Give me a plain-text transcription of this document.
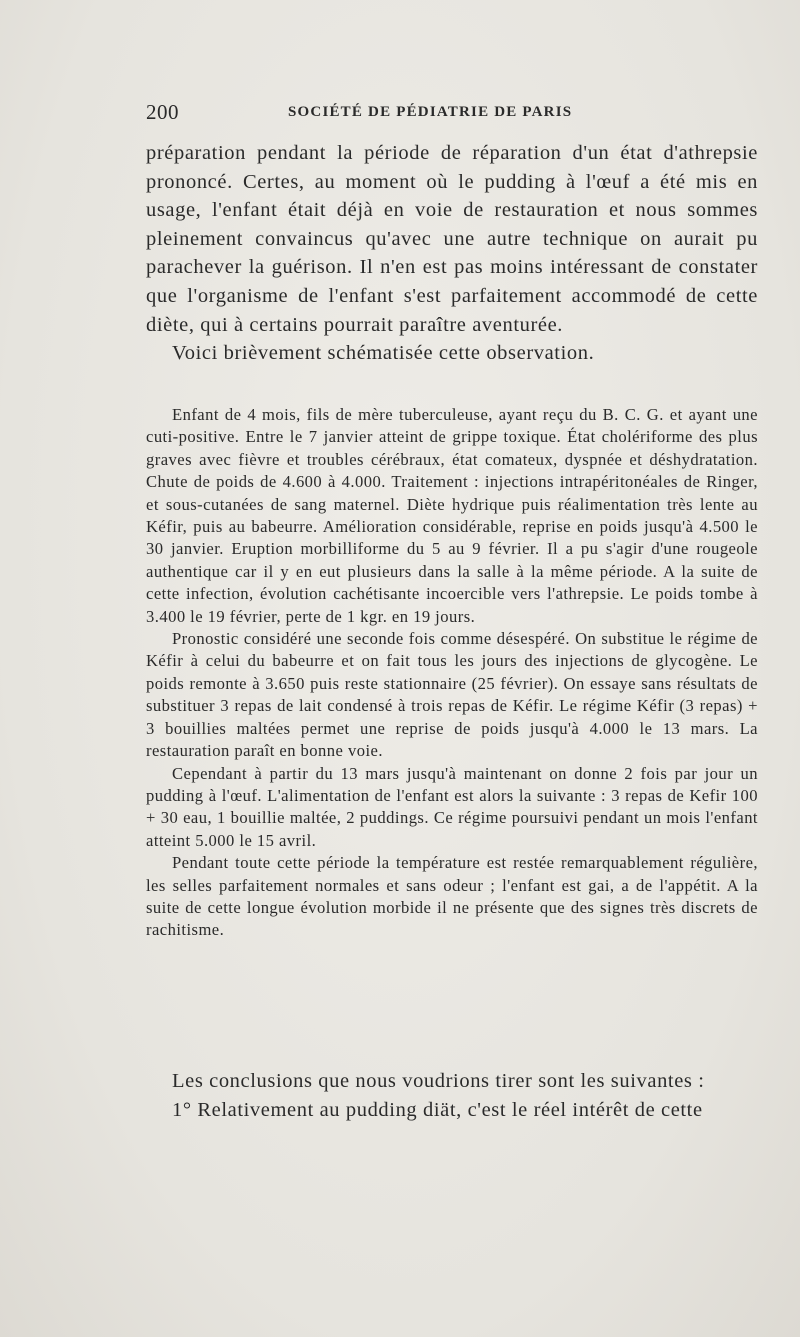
200	SOCIÉTÉ DE PÉDIATRIE DE PARIS

préparation pendant la période de réparation d'un état d'athrepsie prononcé. Certes, au moment où le pudding à l'œuf a été mis en usage, l'enfant était déjà en voie de restauration et nous sommes pleinement convaincus qu'avec une autre technique on aurait pu parachever la guérison. Il n'en est pas moins intéressant de constater que l'organisme de l'enfant s'est parfaitement accommodé de cette diète, qui à certains pourrait paraître aventurée.

Voici brièvement schématisée cette observation.

Enfant de 4 mois, fils de mère tuberculeuse, ayant reçu du B. C. G. et ayant une cuti-positive. Entre le 7 janvier atteint de grippe toxique. État cholériforme des plus graves avec fièvre et troubles cérébraux, état comateux, dyspnée et déshydratation. Chute de poids de 4.600 à 4.000. Traitement : injections intrapéritonéales de Ringer, et sous-cutanées de sang maternel. Diète hydrique puis réalimentation très lente au Kéfir, puis au babeurre. Amélioration considérable, reprise en poids jusqu'à 4.500 le 30 janvier. Eruption morbilliforme du 5 au 9 février. Il a pu s'agir d'une rougeole authentique car il y en eut plusieurs dans la salle à la même période. A la suite de cette infection, évolution cachétisante incoercible vers l'athrepsie. Le poids tombe à 3.400 le 19 février, perte de 1 kgr. en 19 jours.

Pronostic considéré une seconde fois comme désespéré. On substitue le régime de Kéfir à celui du babeurre et on fait tous les jours des injections de glycogène. Le poids remonte à 3.650 puis reste stationnaire (25 février). On essaye sans résultats de substituer 3 repas de lait condensé à trois repas de Kéfir. Le régime Kéfir (3 repas) + 3 bouillies maltées permet une reprise de poids jusqu'à 4.000 le 13 mars. La restauration paraît en bonne voie.

Cependant à partir du 13 mars jusqu'à maintenant on donne 2 fois par jour un pudding à l'œuf. L'alimentation de l'enfant est alors la suivante : 3 repas de Kefir 100 + 30 eau, 1 bouillie maltée, 2 puddings. Ce régime poursuivi pendant un mois l'enfant atteint 5.000 le 15 avril.

Pendant toute cette période la température est restée remarquablement régulière, les selles parfaitement normales et sans odeur ; l'enfant est gai, a de l'appétit. A la suite de cette longue évolution morbide il ne présente que des signes très discrets de rachitisme.

Les conclusions que nous voudrions tirer sont les suivantes :

1° Relativement au pudding diät, c'est le réel intérêt de cette
